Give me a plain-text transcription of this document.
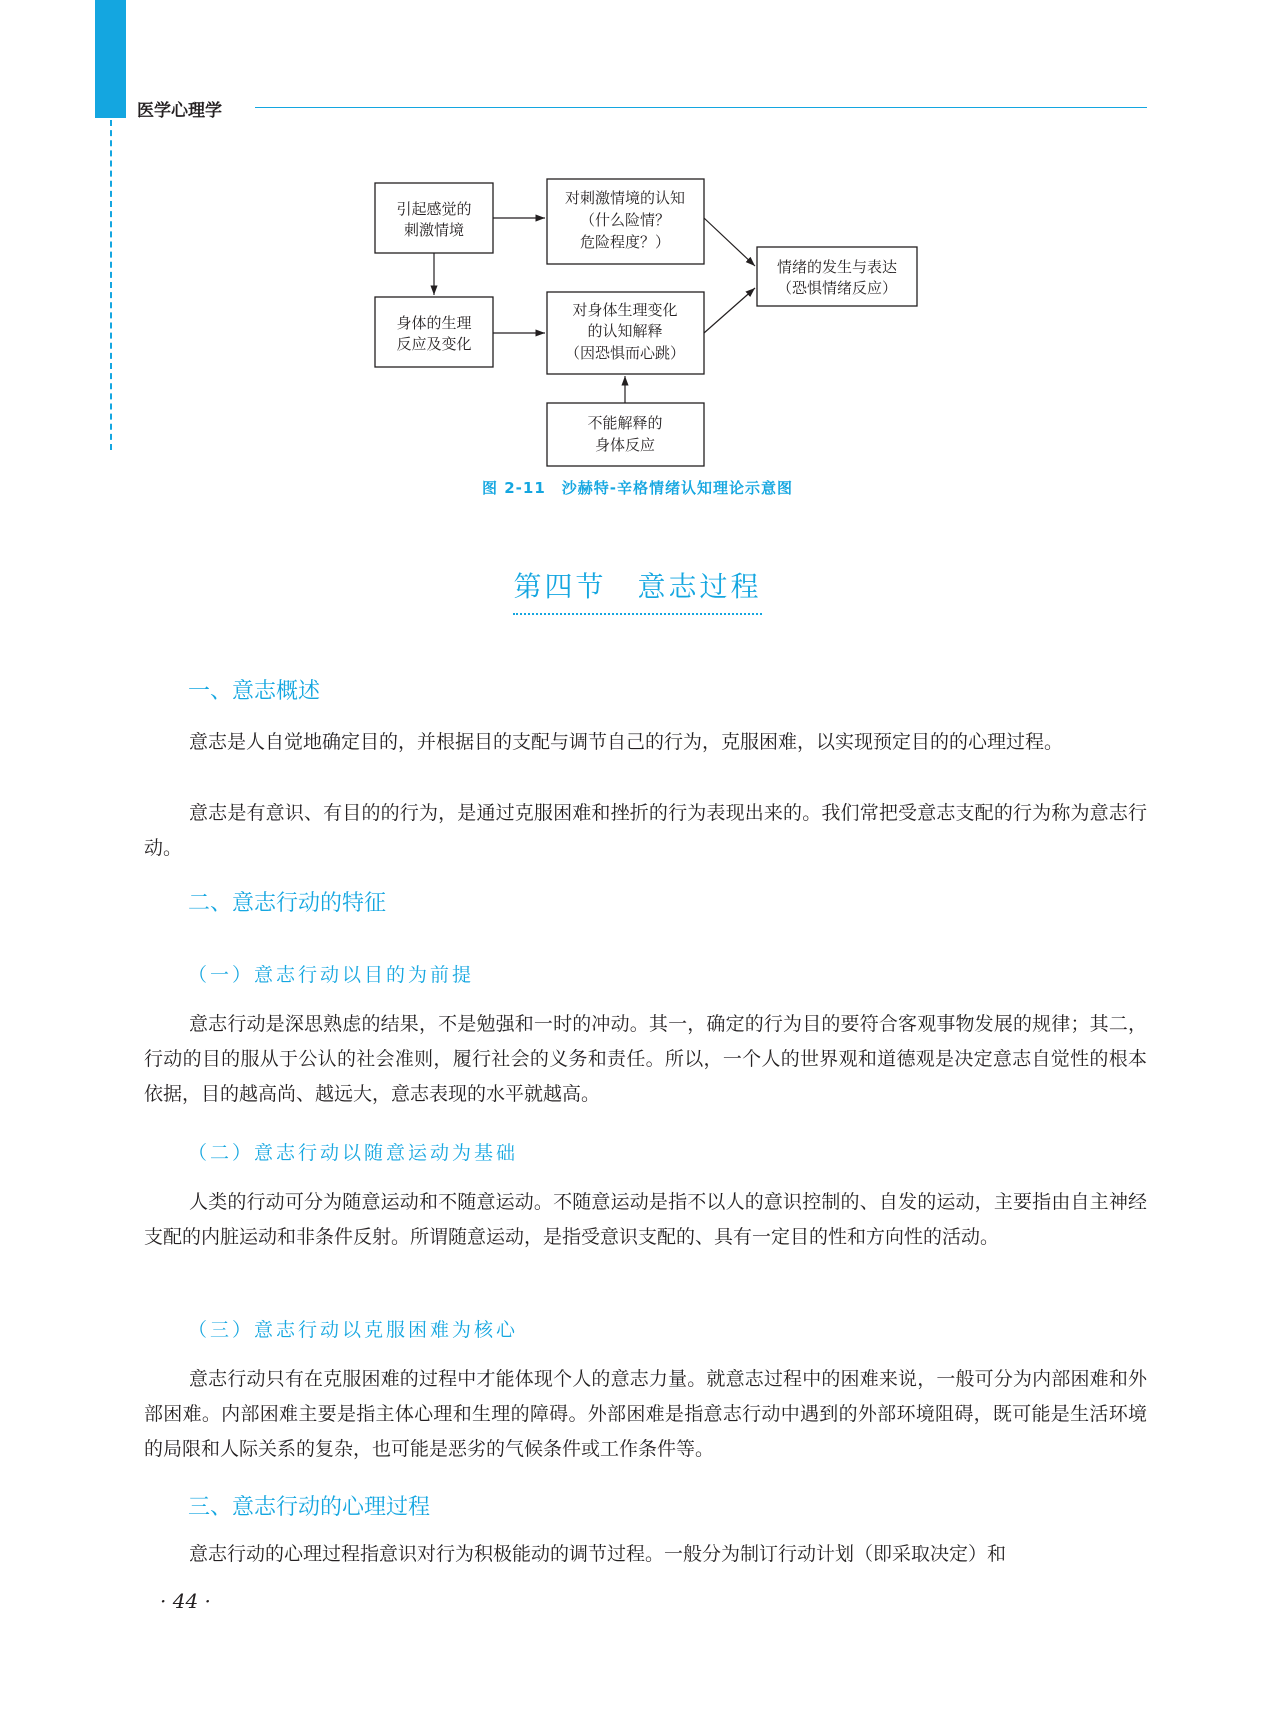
医学心理学
引起感觉的
刺激情境
对刺激情境的认知
（什么险情？
危险程度？）
情绪的发生与表达
（恐惧情绪反应）
身体的生理
反应及变化
对身体生理变化
的认知解释
（因恐惧而心跳）
不能解释的
身体反应
图 2-11　沙赫特-辛格情绪认知理论示意图
第四节　意志过程
一、意志概述

意志是人自觉地确定目的，并根据目的支配与调节自己的行为，克服困难，以实现预定目的的心理过程。

意志是有意识、有目的的行为，是通过克服困难和挫折的行为表现出来的。我们常把受意志支配的行为称为意志行动。

二、意志行动的特征
（一）意志行动以目的为前提

意志行动是深思熟虑的结果，不是勉强和一时的冲动。其一，确定的行为目的要符合客观事物发展的规律；其二，行动的目的服从于公认的社会准则，履行社会的义务和责任。所以，一个人的世界观和道德观是决定意志自觉性的根本依据，目的越高尚、越远大，意志表现的水平就越高。

（二）意志行动以随意运动为基础

人类的行动可分为随意运动和不随意运动。不随意运动是指不以人的意识控制的、自发的运动，主要指由自主神经支配的内脏运动和非条件反射。所谓随意运动，是指受意识支配的、具有一定目的性和方向性的活动。

（三）意志行动以克服困难为核心

意志行动只有在克服困难的过程中才能体现个人的意志力量。就意志过程中的困难来说，一般可分为内部困难和外部困难。内部困难主要是指主体心理和生理的障碍。外部困难是指意志行动中遇到的外部环境阻碍，既可能是生活环境的局限和人际关系的复杂，也可能是恶劣的气候条件或工作条件等。

三、意志行动的心理过程

意志行动的心理过程指意识对行为积极能动的调节过程。一般分为制订行动计划（即采取决定）和

· 44 ·
